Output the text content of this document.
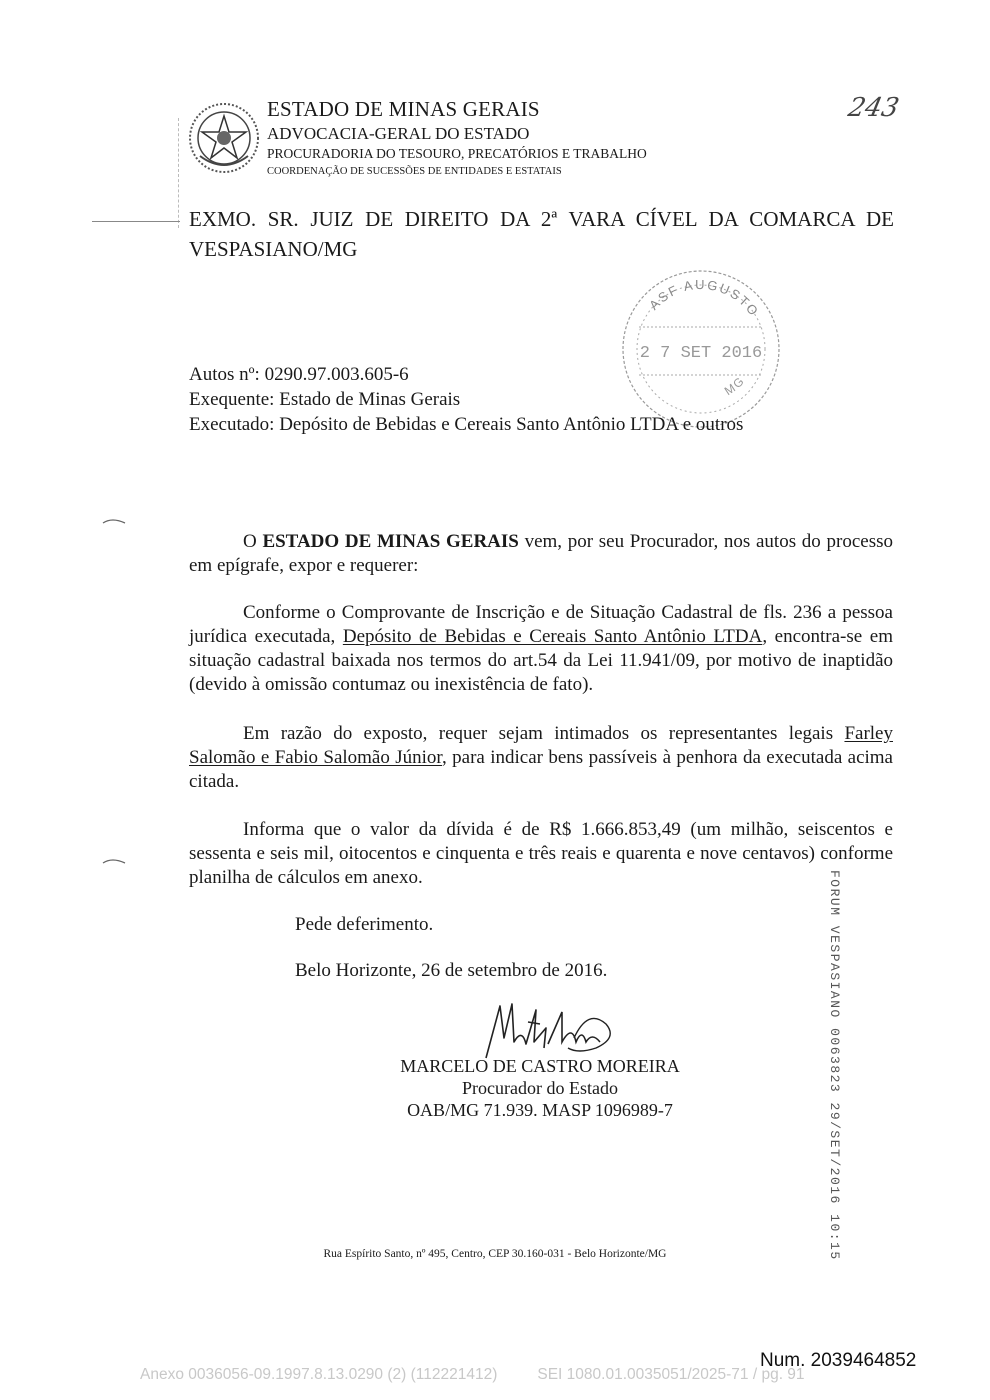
ESTADO DE MINAS GERAIS
ADVOCACIA-GERAL DO ESTADO
PROCURADORIA DO TESOURO, PRECATÓRIOS E TRABALHO
COORDENAÇÃO DE SUCESSÕES DE ENTIDADES E ESTATAIS
243
EXMO. SR. JUIZ DE DIREITO DA 2ª VARA CÍVEL DA COMARCA DE VESPASIANO/MG
ASF AUGUSTO
2 7 SET 2016
MG
Autos nº: 0290.97.003.605-6
Exequente: Estado de Minas Gerais
Executado: Depósito de Bebidas e Cereais Santo Antônio LTDA e outros
O ESTADO DE MINAS GERAIS vem, por seu Procurador, nos autos do processo em epígrafe, expor e requerer:
Conforme o Comprovante de Inscrição e de Situação Cadastral de fls. 236 a pessoa jurídica executada, Depósito de Bebidas e Cereais Santo Antônio LTDA, encontra-se em situação cadastral baixada nos termos do art.54 da Lei 11.941/09, por motivo de inaptidão (devido à omissão contumaz ou inexistência de fato).
Em razão do exposto, requer sejam intimados os representantes legais Farley Salomão e Fabio Salomão Júnior, para indicar bens passíveis à penhora da executada acima citada.
Informa que o valor da dívida é de R$ 1.666.853,49 (um milhão, seiscentos e sessenta e seis mil, oitocentos e cinquenta e três reais e quarenta e nove centavos) conforme planilha de cálculos em anexo.
Pede deferimento.
Belo Horizonte, 26 de setembro de 2016.
MARCELO DE CASTRO MOREIRA
Procurador do Estado
OAB/MG 71.939. MASP 1096989-7	FORUM VESPASIANO 0063823 29/SET/2016 10:15
Rua Espírito Santo, nº 495, Centro, CEP 30.160-031 - Belo Horizonte/MG
Num. 2039464852
Anexo 0036056-09.1997.8.13.0290 (2) (112221412)	SEI 1080.01.0035051/2025-71 / pg. 91
